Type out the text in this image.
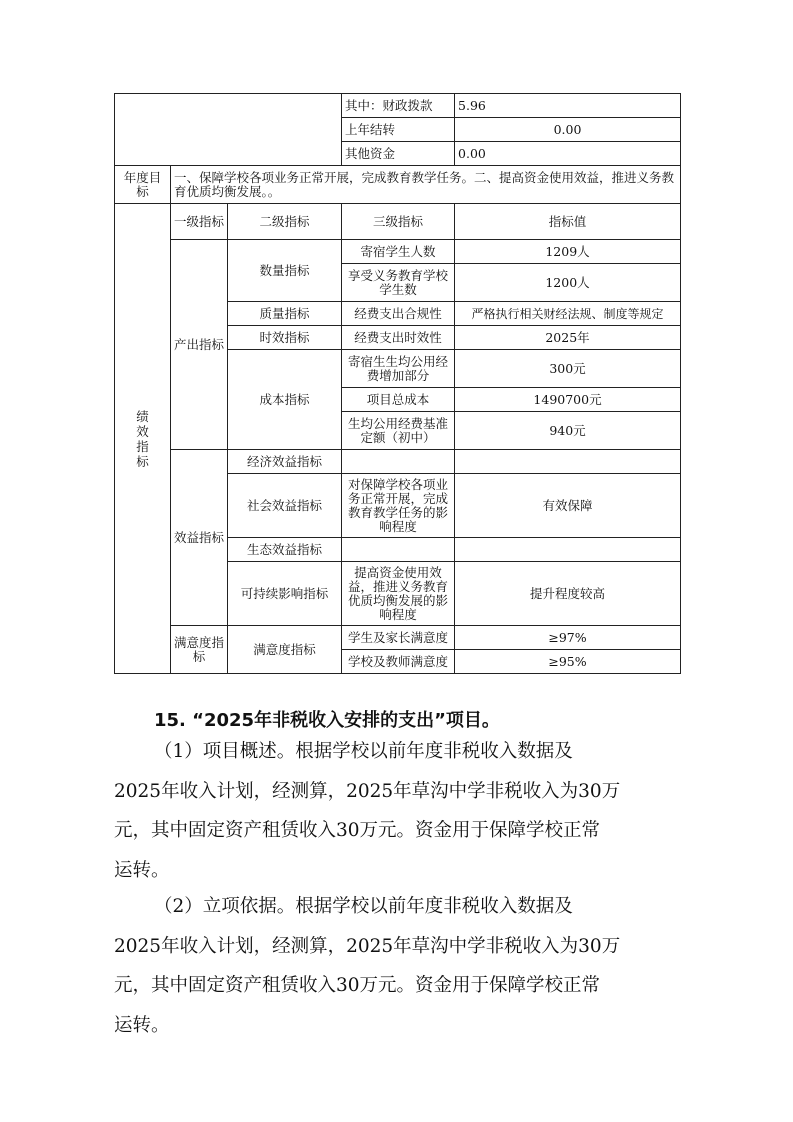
			其中：财政拨款	5.96
			上年结转	0.00
			其他资金	0.00
年度目标	一、保障学校各项业务正常开展，完成教育教学任务。二、提高资金使用效益，推进义务教育优质均衡发展。。			

绩效指标	一级指标	二级指标	三级指标	指标值
	产出指标	数量指标	寄宿学生人数	1209人
			享受义务教育学校学生数	1200人
		质量指标	经费支出合规性	严格执行相关财经法规、制度等规定
		时效指标	经费支出时效性	2025年
		成本指标	寄宿生生均公用经费增加部分	300元
			项目总成本	1490700元
			生均公用经费基准定额（初中）	940元
	效益指标	经济效益指标		
		社会效益指标	对保障学校各项业务正常开展，完成教育教学任务的影响程度	有效保障
		生态效益指标		
		可持续影响指标	提高资金使用效益，推进义务教育优质均衡发展的影响程度	提升程度较高
	满意度指标	满意度指标	学生及家长满意度	≥97%
			学校及教师满意度	≥95%
15. “2025年非税收入安排的支出”项目。
（1）项目概述。根据学校以前年度非税收入数据及
2025年收入计划，经测算，2025年草沟中学非税收入为30万
元，其中固定资产租赁收入30万元。资金用于保障学校正常
运转。
（2）立项依据。根据学校以前年度非税收入数据及
2025年收入计划，经测算，2025年草沟中学非税收入为30万
元，其中固定资产租赁收入30万元。资金用于保障学校正常
运转。
